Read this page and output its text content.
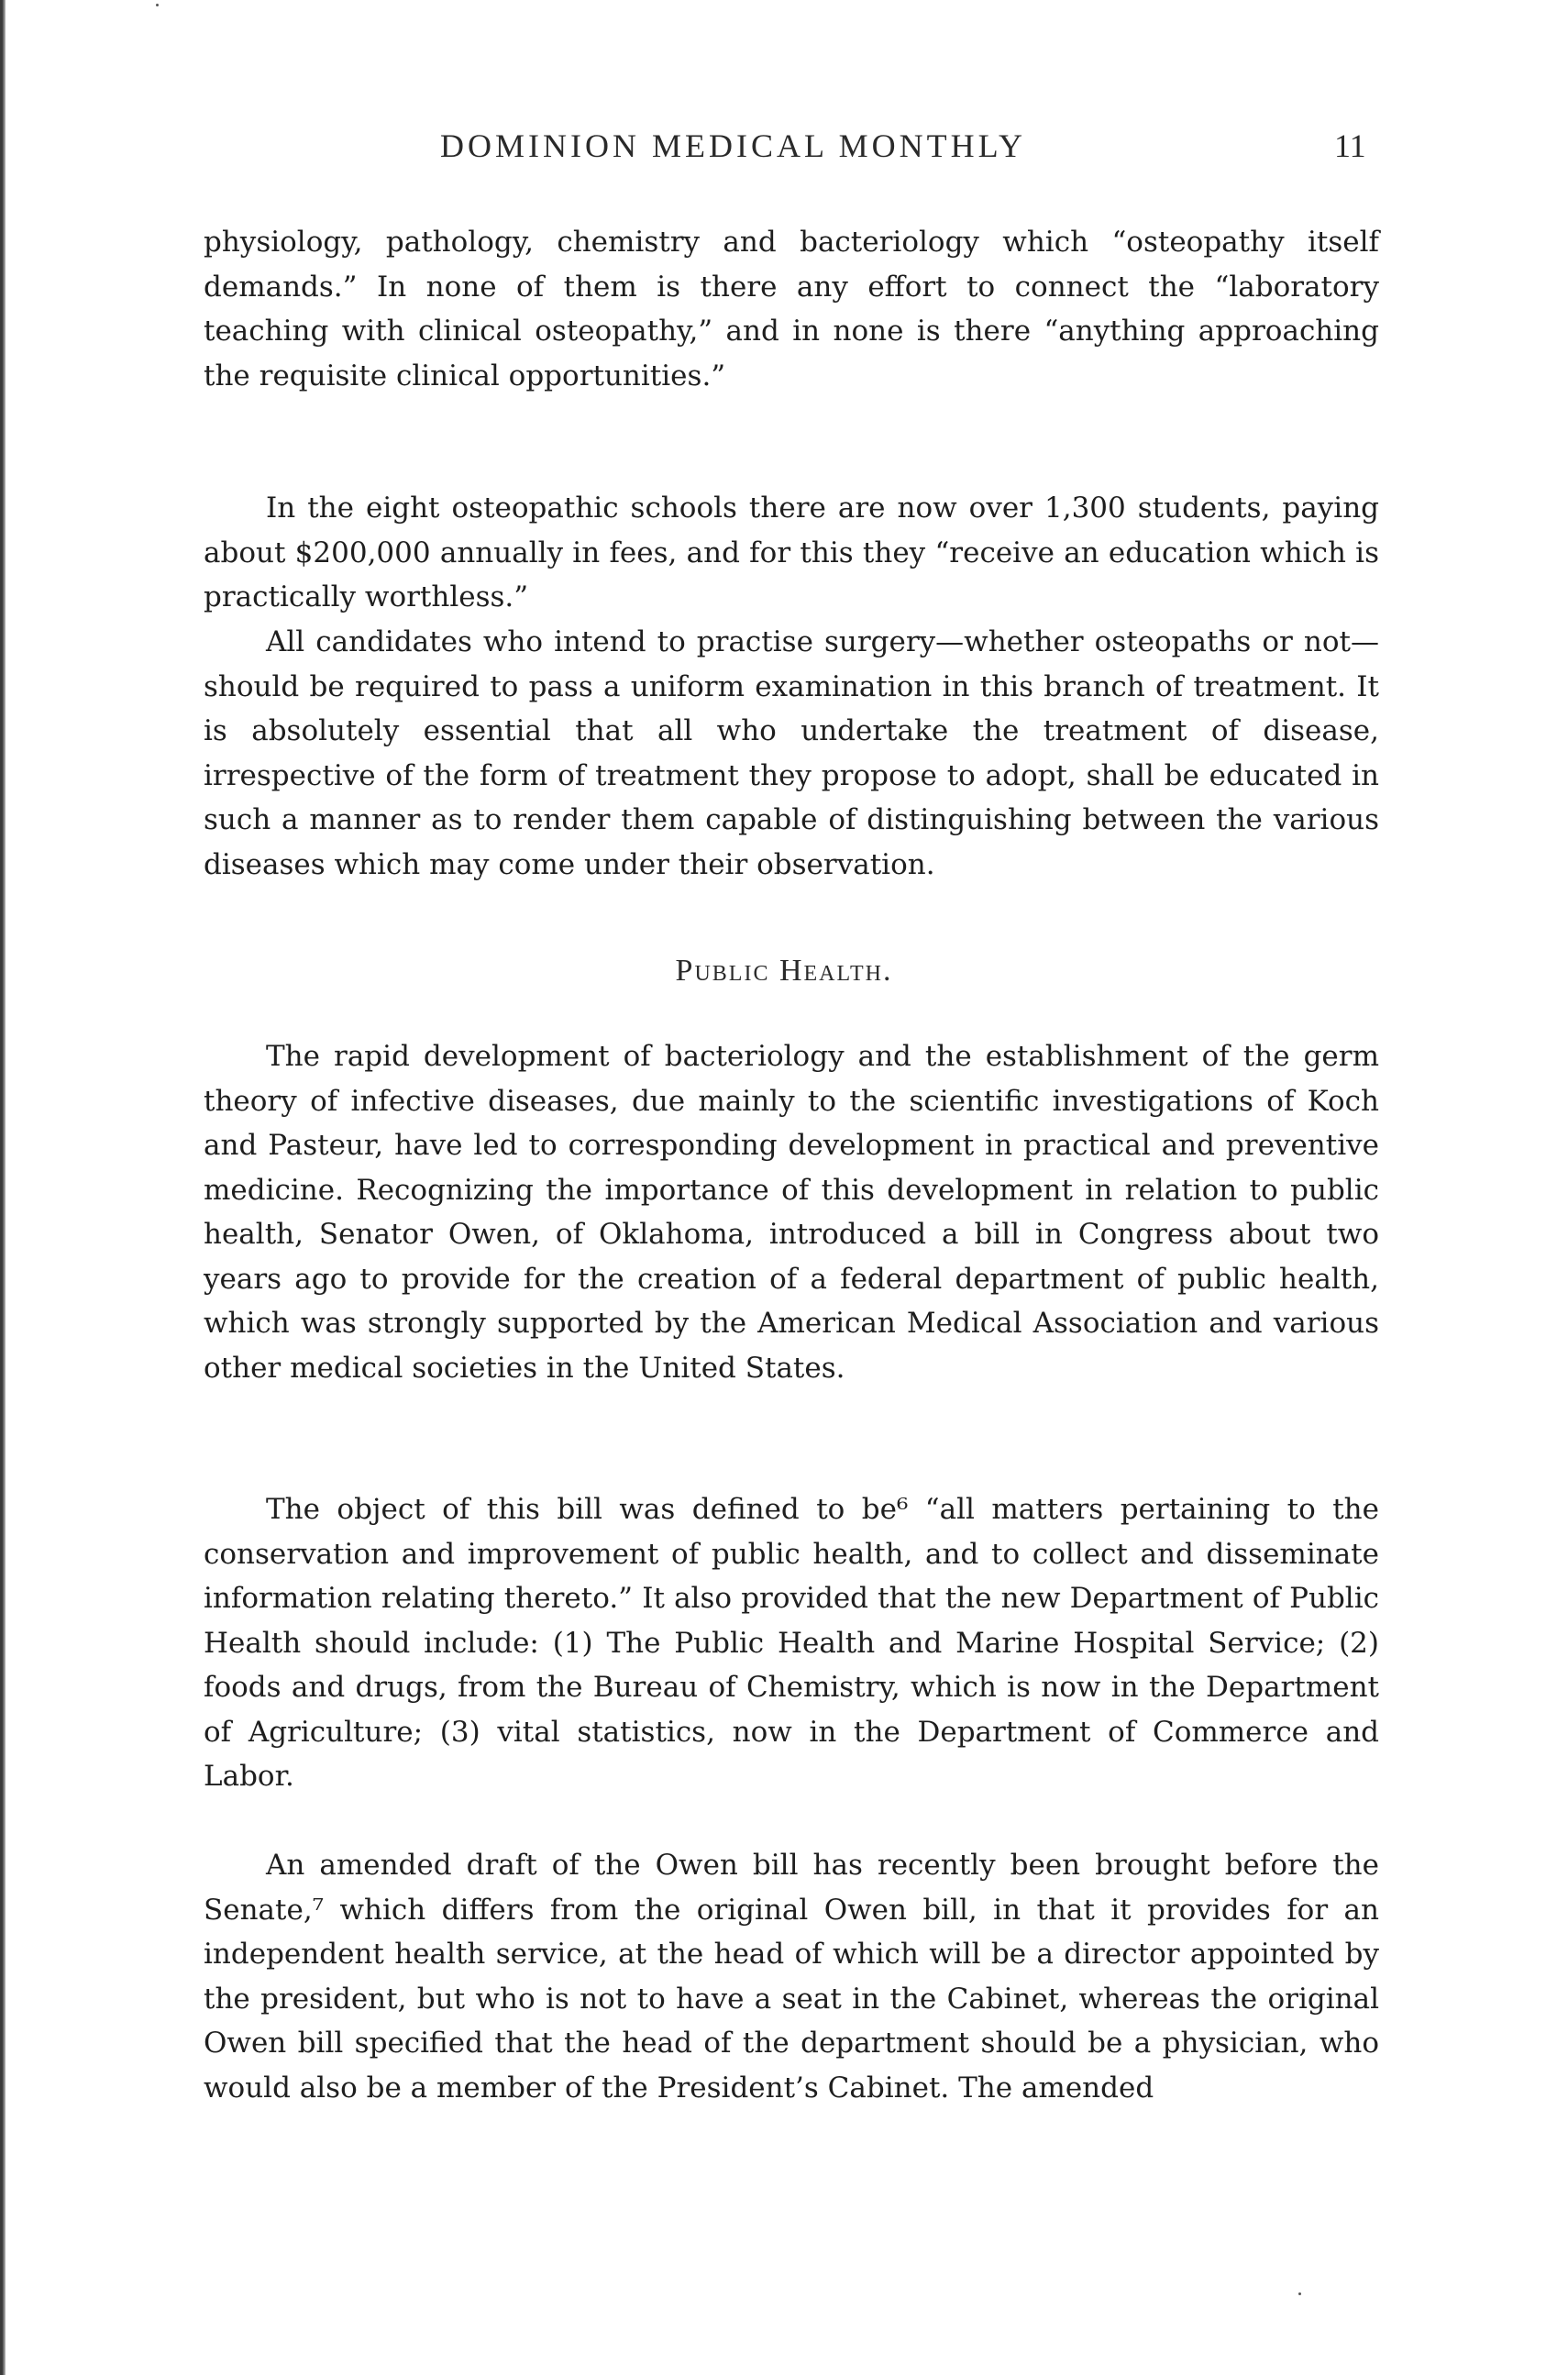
DOMINION MEDICAL MONTHLY	11

physiology, pathology, chemistry and bacteriology which “osteopathy itself demands.” In none of them is there any effort to connect the “laboratory teaching with clinical osteopathy,” and in none is there “anything approaching the requisite clinical opportunities.”

In the eight osteopathic schools there are now over 1,300 students, paying about $200,000 annually in fees, and for this they “receive an education which is practically worthless.”

All candidates who intend to practise surgery—whether osteopaths or not—should be required to pass a uniform examination in this branch of treatment. It is absolutely essential that all who undertake the treatment of disease, irrespective of the form of treatment they propose to adopt, shall be educated in such a manner as to render them capable of distinguishing between the various diseases which may come under their observation.

Public Health.

The rapid development of bacteriology and the establishment of the germ theory of infective diseases, due mainly to the scientific investigations of Koch and Pasteur, have led to corresponding development in practical and preventive medicine. Recognizing the importance of this development in relation to public health, Senator Owen, of Oklahoma, introduced a bill in Congress about two years ago to provide for the creation of a federal department of public health, which was strongly supported by the American Medical Association and various other medical societies in the United States.

The object of this bill was defined to be⁶ “all matters pertaining to the conservation and improvement of public health, and to collect and disseminate information relating thereto.” It also provided that the new Department of Public Health should include: (1) The Public Health and Marine Hospital Service; (2) foods and drugs, from the Bureau of Chemistry, which is now in the Department of Agriculture; (3) vital statistics, now in the Department of Commerce and Labor.

An amended draft of the Owen bill has recently been brought before the Senate,⁷ which differs from the original Owen bill, in that it provides for an independent health service, at the head of which will be a director appointed by the president, but who is not to have a seat in the Cabinet, whereas the original Owen bill specified that the head of the department should be a physician, who would also be a member of the President’s Cabinet. The amended
